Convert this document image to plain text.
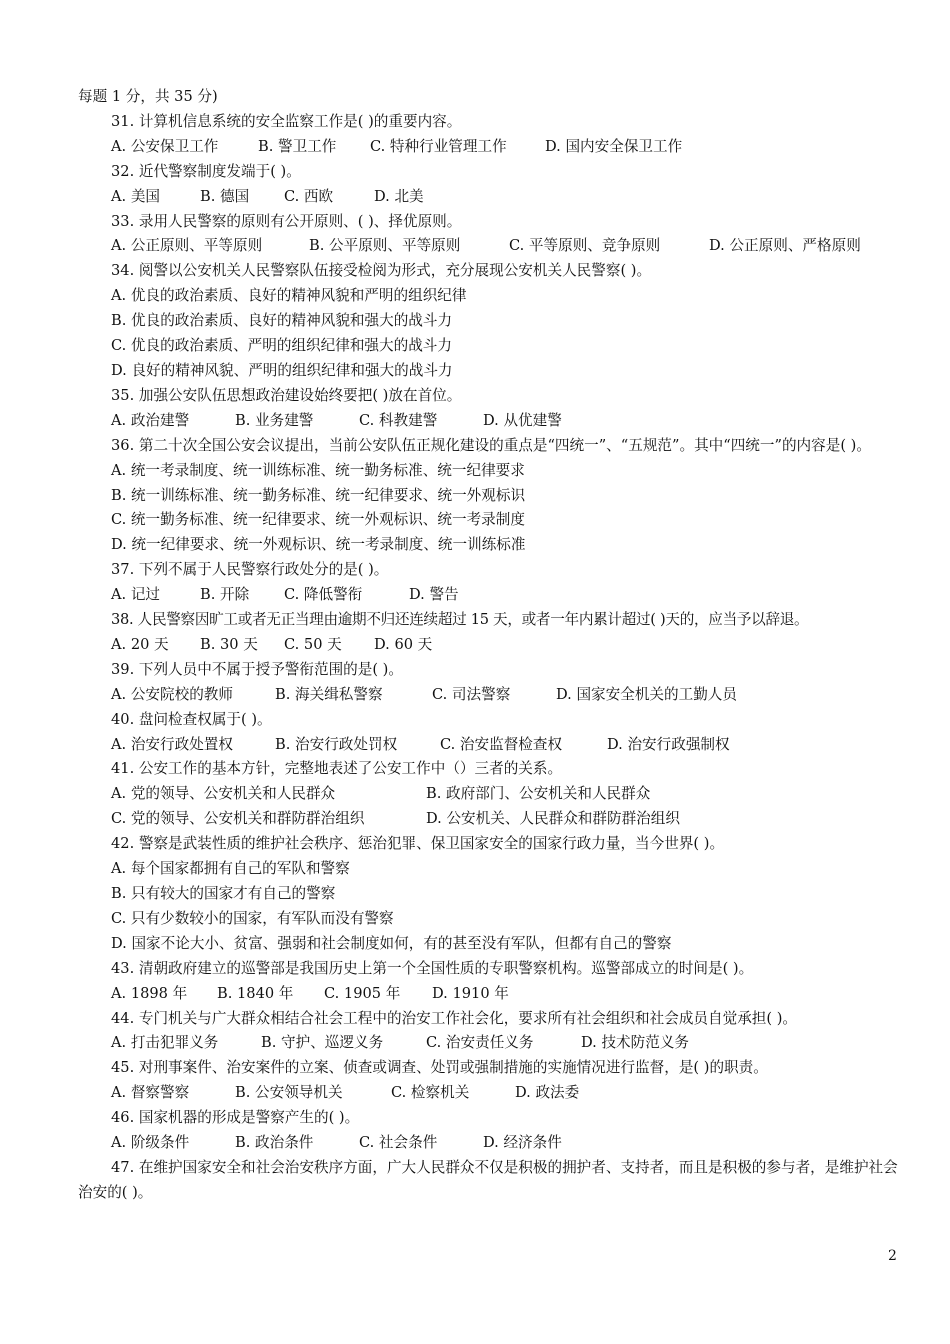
每题 1 分，共 35 分)
31. 计算机信息系统的安全监察工作是( )的重要内容。
A. 公安保卫工作	B. 警卫工作 C. 特种行业管理工作	D. 国内安全保卫工作
32. 近代警察制度发端于( )。
A. 美国	B. 德国 C. 西欧	D. 北美
33. 录用人民警察的原则有公开原则、( )、择优原则。
A. 公正原则、平等原则	B. 公平原则、平等原则	C. 平等原则、竞争原则	D. 公正原则、严格原则
34. 阅警以公安机关人民警察队伍接受检阅为形式，充分展现公安机关人民警察( )。
A. 优良的政治素质、良好的精神风貌和严明的组织纪律
B. 优良的政治素质、良好的精神风貌和强大的战斗力
C. 优良的政治素质、严明的组织纪律和强大的战斗力
D. 良好的精神风貌、严明的组织纪律和强大的战斗力
35. 加强公安队伍思想政治建设始终要把( )放在首位。
A. 政治建警	B. 业务建警	C. 科教建警	D. 从优建警
36. 第二十次全国公安会议提出，当前公安队伍正规化建设的重点是“四统一”、“五规范”。其中“四统一”的内容是( )。
A. 统一考录制度、统一训练标准、统一勤务标准、统一纪律要求
B. 统一训练标准、统一勤务标准、统一纪律要求、统一外观标识
C. 统一勤务标准、统一纪律要求、统一外观标识、统一考录制度
D. 统一纪律要求、统一外观标识、统一考录制度、统一训练标准
37. 下列不属于人民警察行政处分的是( )。
A. 记过	B. 开除 C. 降低警衔	D. 警告
38. 人民警察因旷工或者无正当理由逾期不归还连续超过 15 天，或者一年内累计超过( )天的，应当予以辞退。
A. 20 天 B. 30 天 C. 50 天 D. 60 天
39. 下列人员中不属于授予警衔范围的是( )。
A. 公安院校的教师	B. 海关缉私警察	C. 司法警察	D. 国家安全机关的工勤人员
40. 盘问检查权属于( )。
A. 治安行政处置权	B. 治安行政处罚权	C. 治安监督检查权	D. 治安行政强制权
41. 公安工作的基本方针，完整地表述了公安工作中（）三者的关系。
A. 党的领导、公安机关和人民群众	B. 政府部门、公安机关和人民群众
C. 党的领导、公安机关和群防群治组织	D. 公安机关、人民群众和群防群治组织
42. 警察是武装性质的维护社会秩序、惩治犯罪、保卫国家安全的国家行政力量，当今世界( )。
A. 每个国家都拥有自己的军队和警察
B. 只有较大的国家才有自己的警察
C. 只有少数较小的国家，有军队而没有警察
D. 国家不论大小、贫富、强弱和社会制度如何，有的甚至没有军队，但都有自己的警察
43. 清朝政府建立的巡警部是我国历史上第一个全国性质的专职警察机构。巡警部成立的时间是( )。
A. 1898 年 B. 1840 年 C. 1905 年 D. 1910 年
44. 专门机关与广大群众相结合社会工程中的治安工作社会化，要求所有社会组织和社会成员自觉承担( )。
A. 打击犯罪义务	B. 守护、巡逻义务	C. 治安责任义务	D. 技术防范义务
45. 对刑事案件、治安案件的立案、侦查或调查、处罚或强制措施的实施情况进行监督，是( )的职责。
A. 督察警察	B. 公安领导机关	C. 检察机关	D. 政法委
46. 国家机器的形成是警察产生的( )。
A. 阶级条件	B. 政治条件	C. 社会条件	D. 经济条件
47. 在维护国家安全和社会治安秩序方面，广大人民群众不仅是积极的拥护者、支持者，而且是积极的参与者，是维护社会治安的( )。
2
